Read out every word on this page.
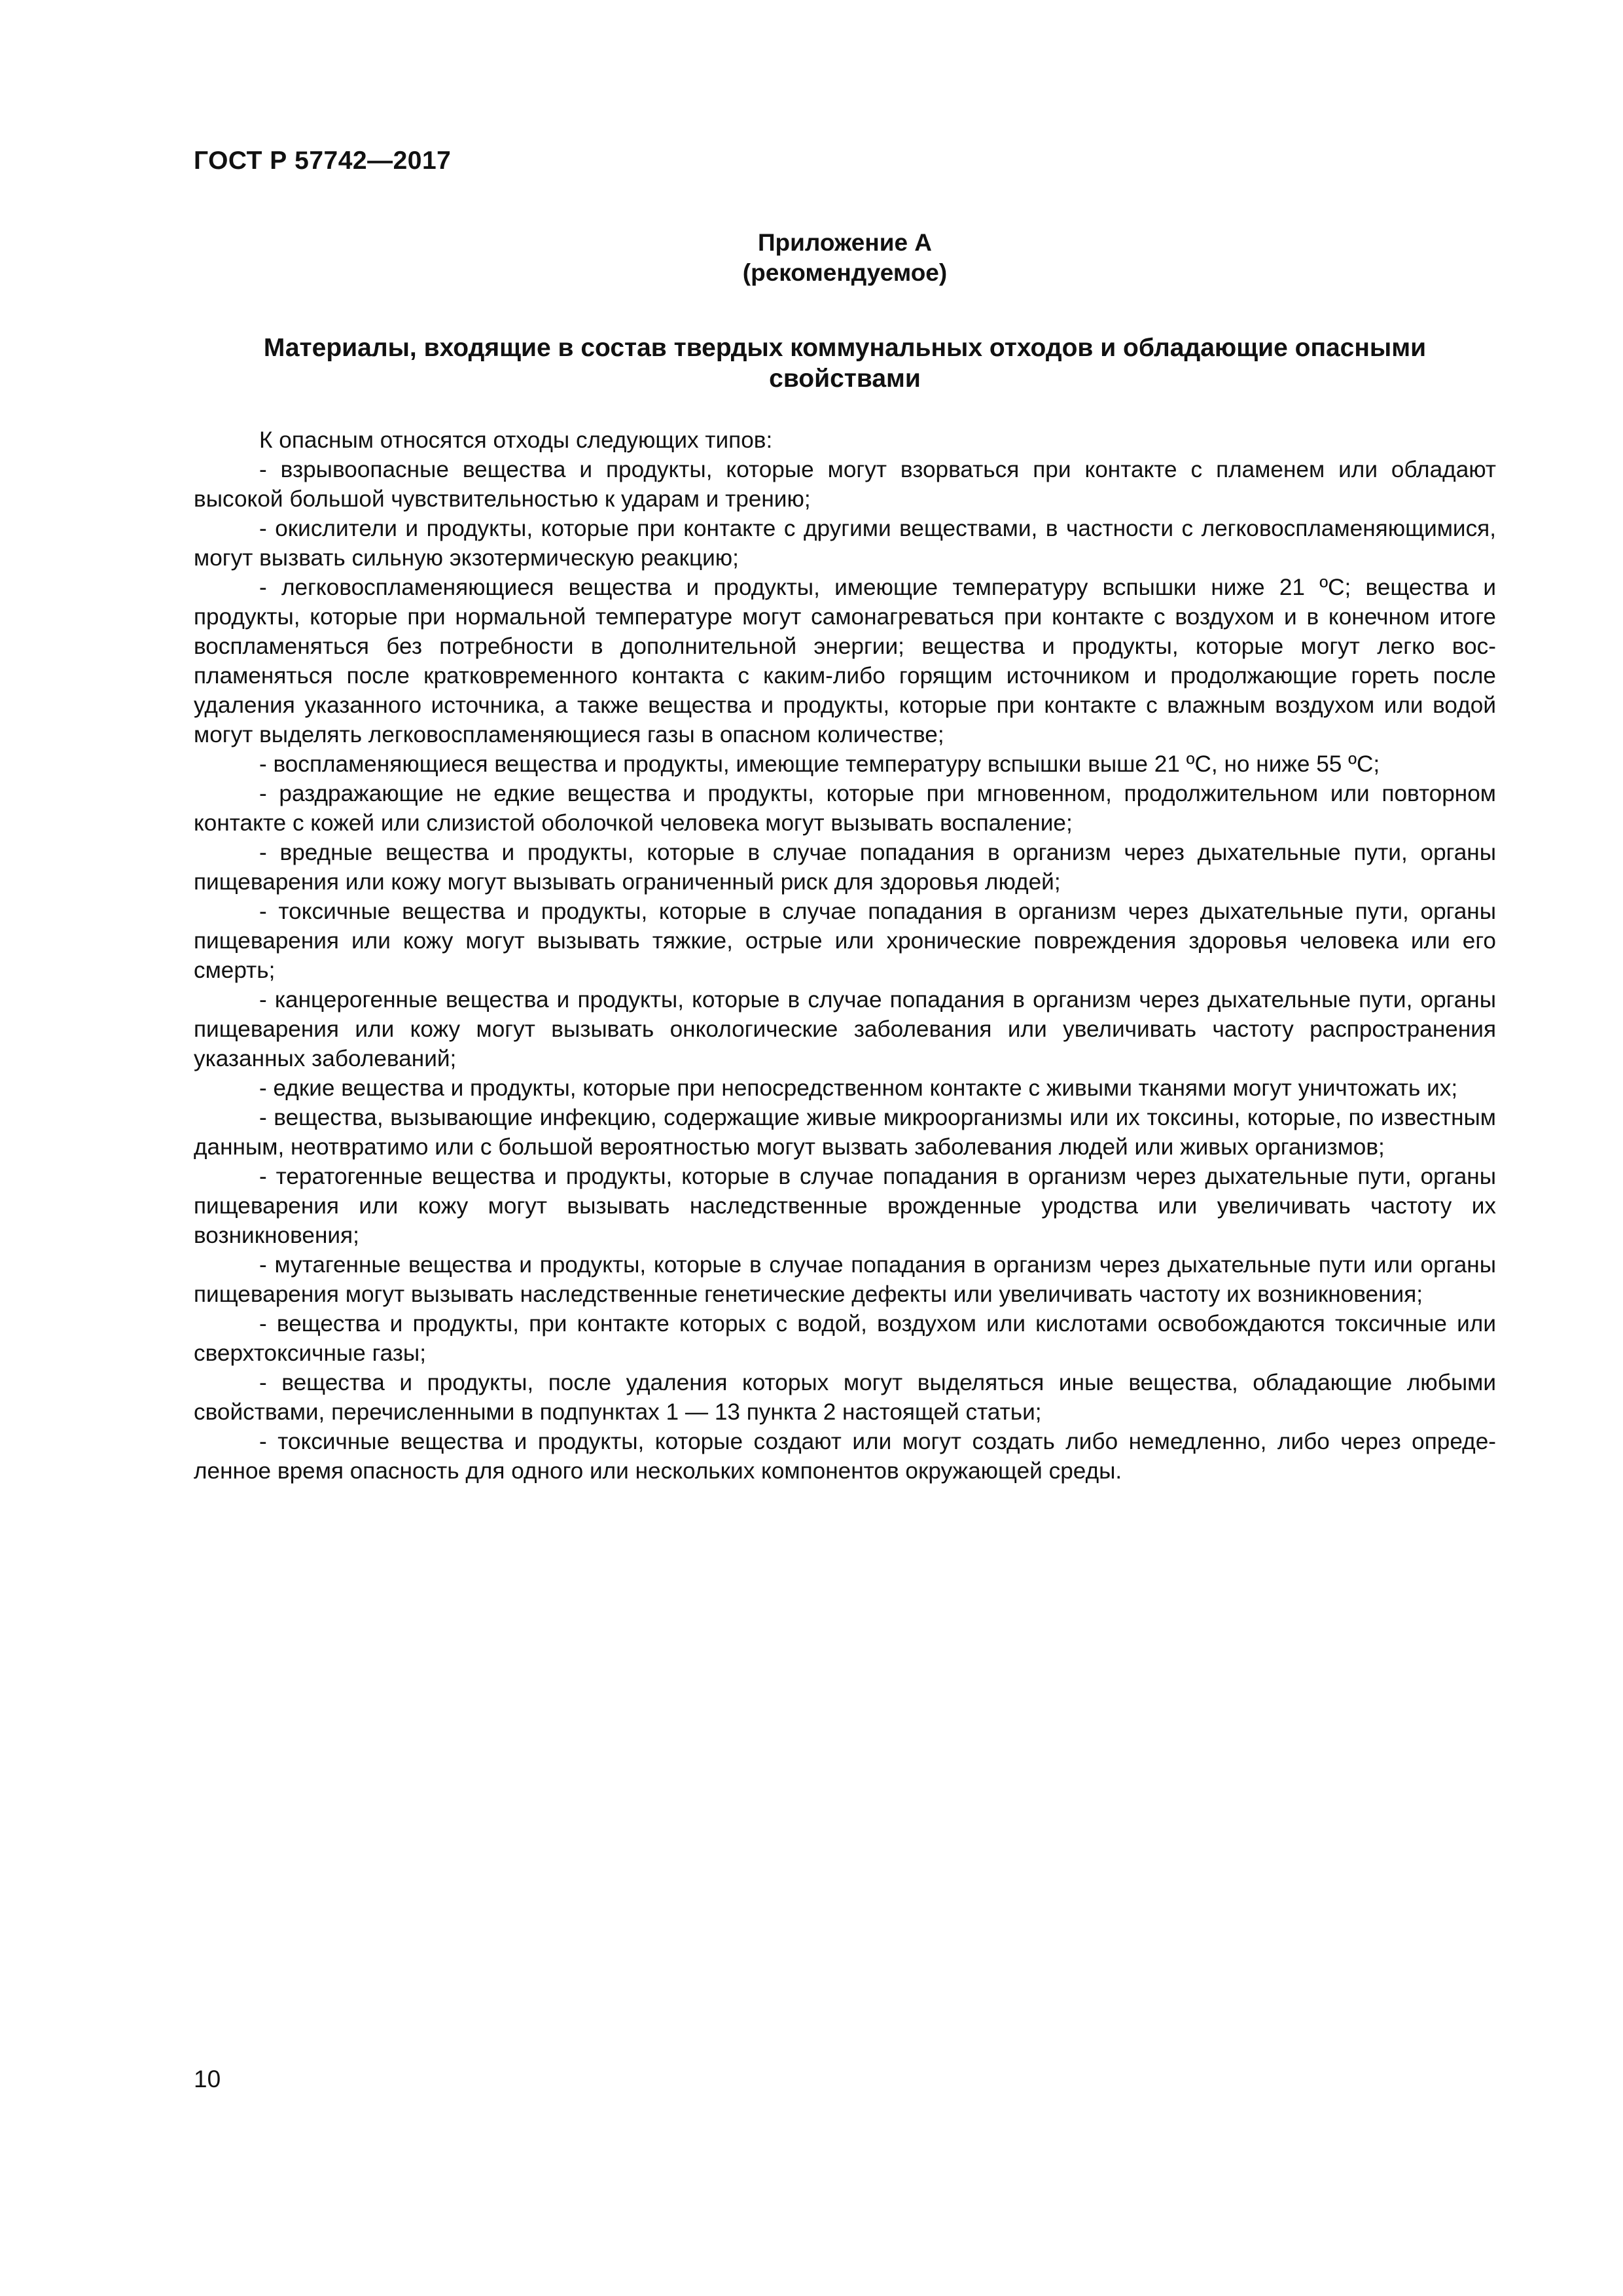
ГОСТ Р 57742—2017
Приложение А
(рекомендуемое)
Материалы, входящие в состав твердых коммунальных отходов и обладающие опасными свойствами

К опасным относятся отходы следующих типов:

- взрывоопасные вещества и продукты, которые могут взорваться при контакте с пламенем или обладают высокой большой чувствительностью к ударам и трению;

- окислители и продукты, которые при контакте с другими веществами, в частности с легковоспламеняющимися, могут вызвать сильную экзотермическую реакцию;

- легковоспламеняющиеся вещества и продукты, имеющие температуру вспышки ниже 21 ºС; вещества и продукты, которые при нормальной температуре могут самонагреваться при контакте с воздухом и в конечном итоге воспламеняться без потребности в дополнительной энергии; вещества и продукты, которые могут легко воспламеняться после кратковременного контакта с каким-либо горящим источником и продолжающие гореть после удаления указанного источника, а также вещества и продукты, которые при контакте с влажным воздухом или водой могут выделять легковоспламеняющиеся газы в опасном количестве;

- воспламеняющиеся вещества и продукты, имеющие температуру вспышки выше 21 ºС, но ниже 55 ºС;

- раздражающие не едкие вещества и продукты, которые при мгновенном, продолжительном или повторном контакте с кожей или слизистой оболочкой человека могут вызывать воспаление;

- вредные вещества и продукты, которые в случае попадания в организм через дыхательные пути, органы пищеварения или кожу могут вызывать ограниченный риск для здоровья людей;

- токсичные вещества и продукты, которые в случае попадания в организм через дыхательные пути, органы пищеварения или кожу могут вызывать тяжкие, острые или хронические повреждения здоровья человека или его смерть;

- канцерогенные вещества и продукты, которые в случае попадания в организм через дыхательные пути, органы пищеварения или кожу могут вызывать онкологические заболевания или увеличивать частоту распространения указанных заболеваний;

- едкие вещества и продукты, которые при непосредственном контакте с живыми тканями могут уничтожать их;

- вещества, вызывающие инфекцию, содержащие живые микроорганизмы или их токсины, которые, по известным данным, неотвратимо или с большой вероятностью могут вызвать заболевания людей или живых организмов;

- тератогенные вещества и продукты, которые в случае попадания в организм через дыхательные пути, органы пищеварения или кожу могут вызывать наследственные врожденные уродства или увеличивать частоту их возникновения;

- мутагенные вещества и продукты, которые в случае попадания в организм через дыхательные пути или органы пищеварения могут вызывать наследственные генетические дефекты или увеличивать частоту их возникновения;

- вещества и продукты, при контакте которых с водой, воздухом или кислотами освобождаются токсичные или сверхтоксичные газы;

- вещества и продукты, после удаления которых могут выделяться иные вещества, обладающие любыми свойствами, перечисленными в подпунктах 1 — 13 пункта 2 настоящей статьи;

- токсичные вещества и продукты, которые создают или могут создать либо немедленно, либо через определенное время опасность для одного или нескольких компонентов окружающей среды.

10
